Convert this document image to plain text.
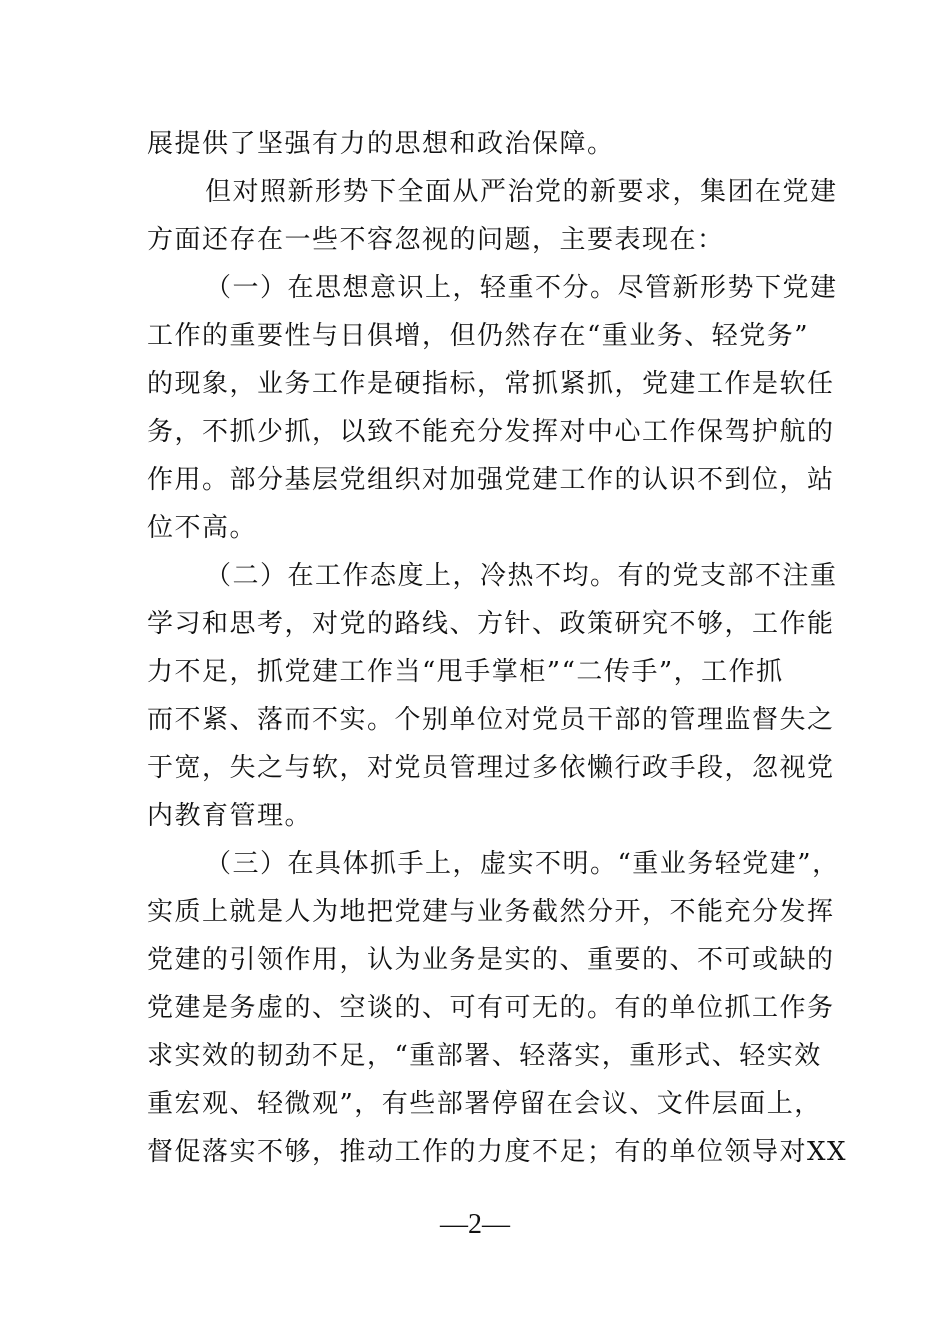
展提供了坚强有力的思想和政治保障。
但对照新形势下全面从严治党的新要求，集团在党建
方面还存在一些不容忽视的问题，主要表现在：
（一）在思想意识上，轻重不分。尽管新形势下党建
工作的重要性与日俱增，但仍然存在“重业务、轻党务”
的现象，业务工作是硬指标，常抓紧抓，党建工作是软任
务，不抓少抓，以致不能充分发挥对中心工作保驾护航的
作用。部分基层党组织对加强党建工作的认识不到位，站
位不高。
（二）在工作态度上，冷热不均。有的党支部不注重
学习和思考，对党的路线、方针、政策研究不够，工作能
力不足，抓党建工作当“甩手掌柜”“二传手”，工作抓
而不紧、落而不实。个别单位对党员干部的管理监督失之
于宽，失之与软，对党员管理过多依懒行政手段，忽视党
内教育管理。
（三）在具体抓手上，虚实不明。“重业务轻党建”，
实质上就是人为地把党建与业务截然分开，不能充分发挥
党建的引领作用，认为业务是实的、重要的、不可或缺的
党建是务虚的、空谈的、可有可无的。有的单位抓工作务
求实效的韧劲不足，“重部署、轻落实，重形式、轻实效
重宏观、轻微观”，有些部署停留在会议、文件层面上，
督促落实不够，推动工作的力度不足；有的单位领导对XX
—2—
